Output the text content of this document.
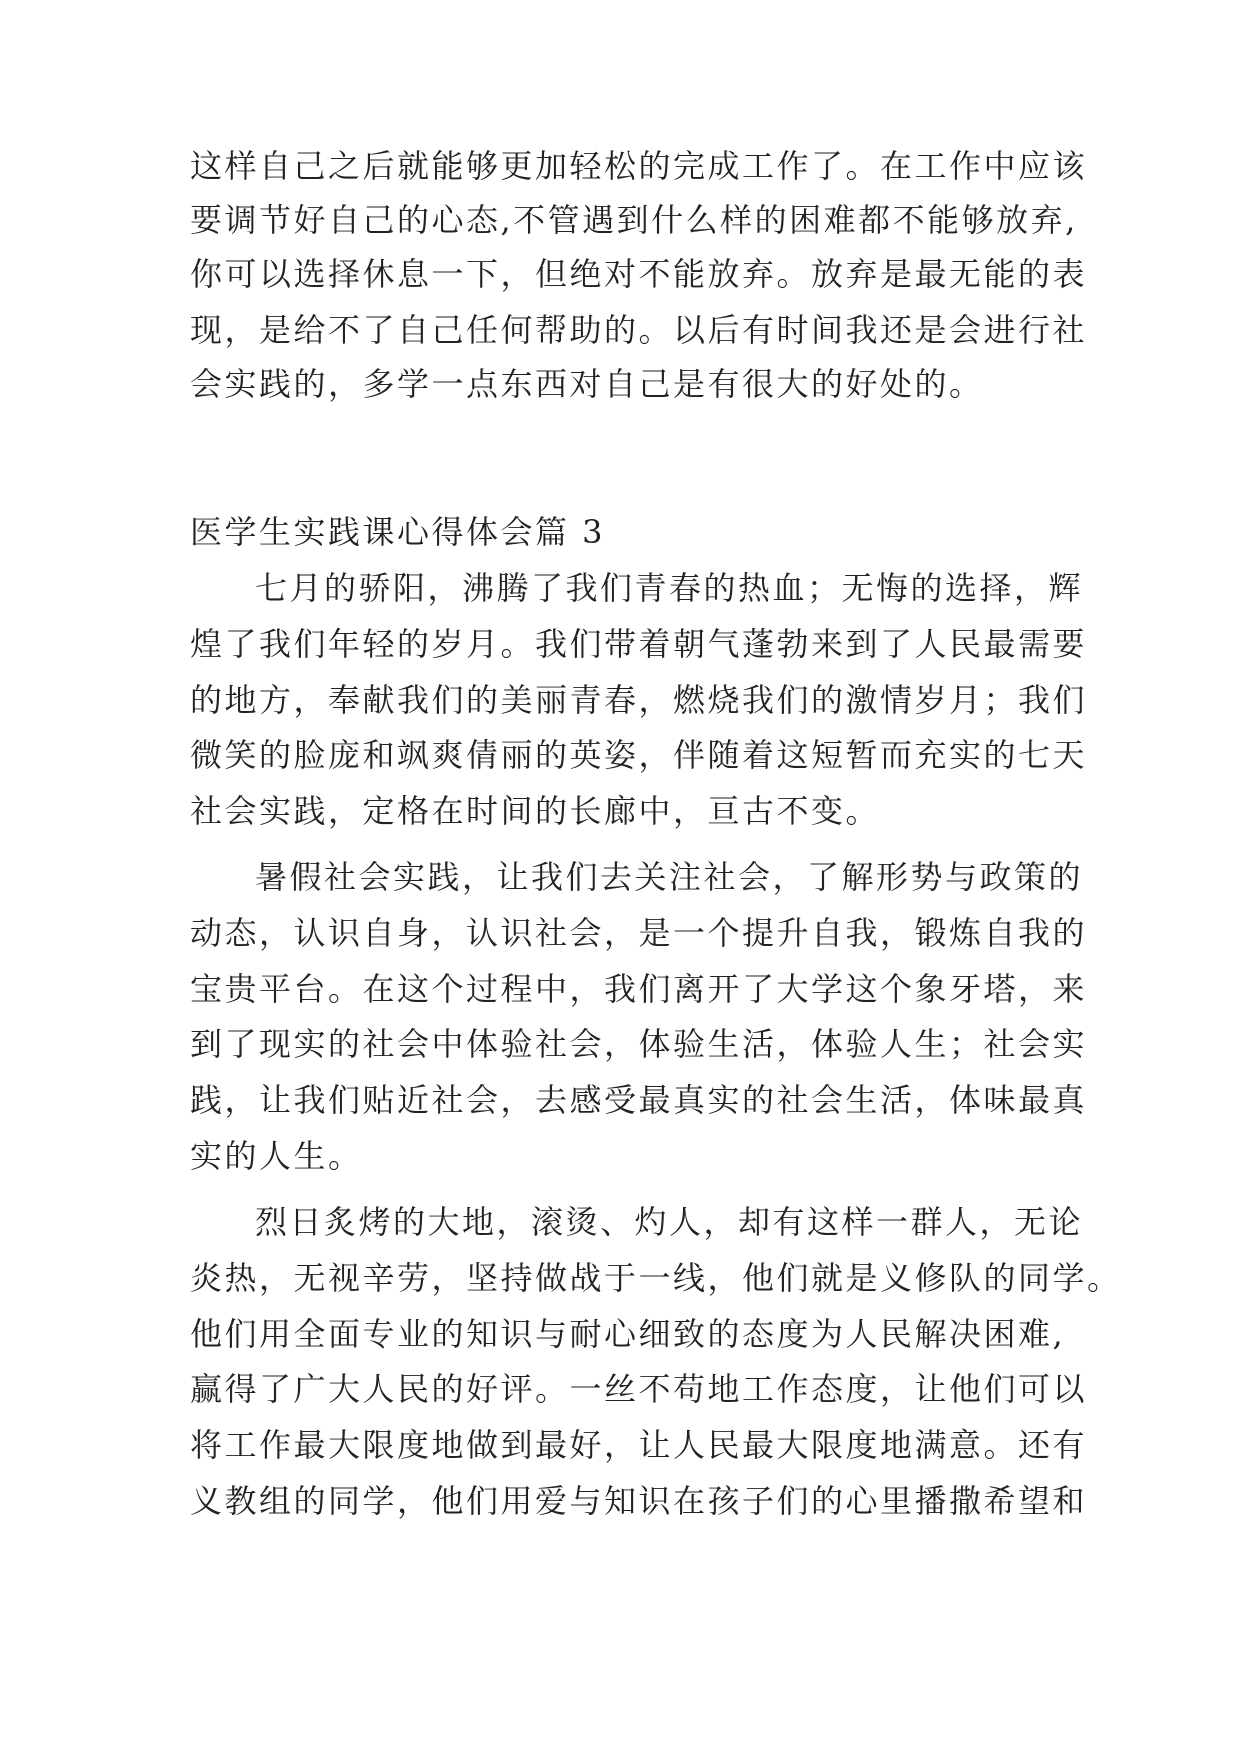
这样自己之后就能够更加轻松的完成工作了。在工作中应该
要调节好自己的心态,不管遇到什么样的困难都不能够放弃,
你可以选择休息一下，但绝对不能放弃。放弃是最无能的表
现，是给不了自己任何帮助的。以后有时间我还是会进行社
会实践的，多学一点东西对自己是有很大的好处的。
医学生实践课心得体会篇 3
七月的骄阳，沸腾了我们青春的热血；无悔的选择，辉
煌了我们年轻的岁月。我们带着朝气蓬勃来到了人民最需要
的地方，奉献我们的美丽青春，燃烧我们的激情岁月；我们
微笑的脸庞和飒爽倩丽的英姿，伴随着这短暂而充实的七天
社会实践，定格在时间的长廊中，亘古不变。
暑假社会实践，让我们去关注社会，了解形势与政策的
动态，认识自身，认识社会，是一个提升自我，锻炼自我的
宝贵平台。在这个过程中，我们离开了大学这个象牙塔，来
到了现实的社会中体验社会，体验生活，体验人生；社会实
践，让我们贴近社会，去感受最真实的社会生活，体味最真
实的人生。
烈日炙烤的大地，滚烫、灼人，却有这样一群人，无论
炎热，无视辛劳，坚持做战于一线，他们就是义修队的同学。
他们用全面专业的知识与耐心细致的态度为人民解决困难,
赢得了广大人民的好评。一丝不苟地工作态度，让他们可以
将工作最大限度地做到最好，让人民最大限度地满意。还有
义教组的同学，他们用爱与知识在孩子们的心里播撒希望和
